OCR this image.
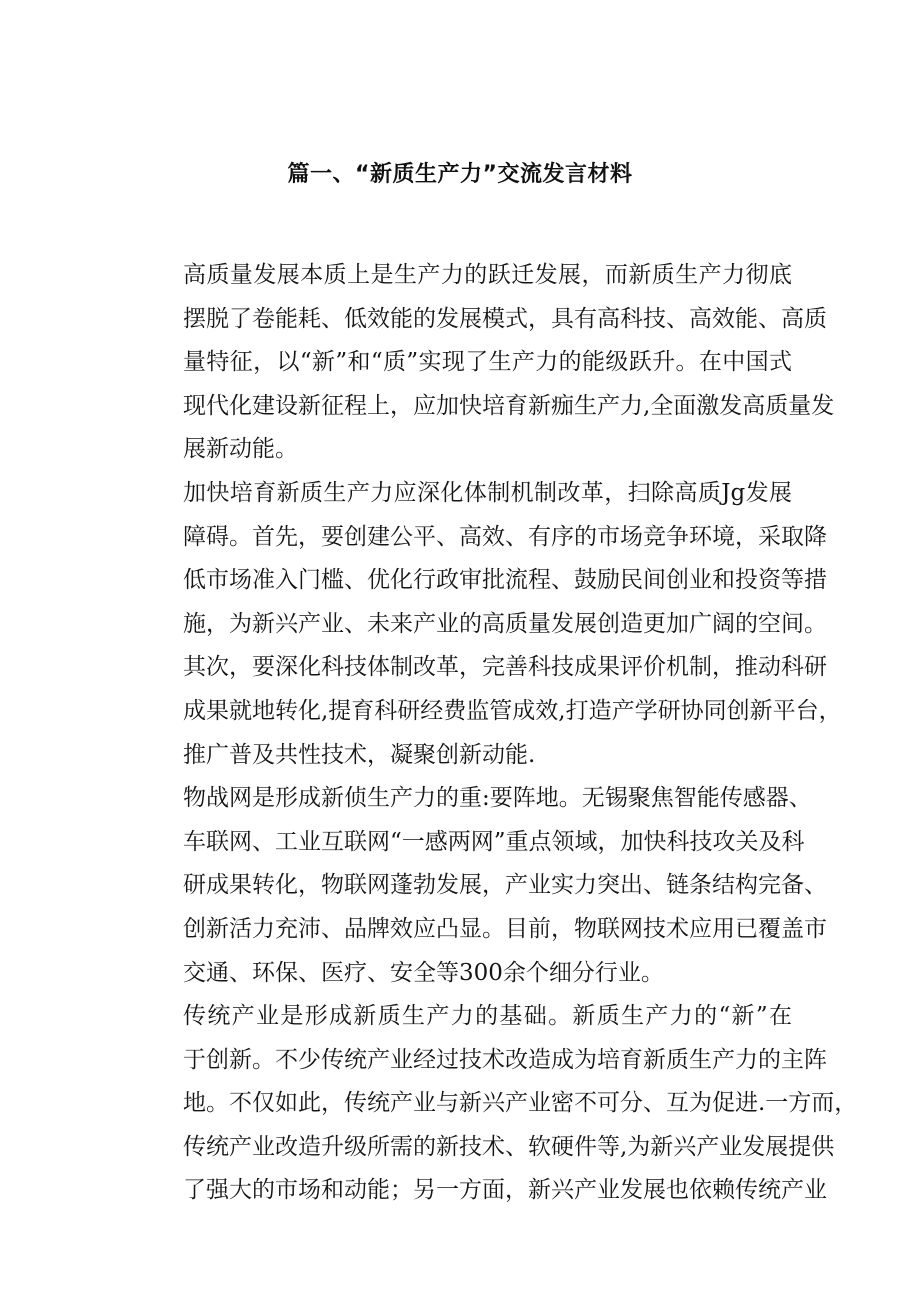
篇一、“新质生产力”交流发言材料

高质量发展本质上是生产力的跃迁发展，而新质生产力彻底
摆脱了卷能耗、低效能的发展模式，具有高科技、高效能、高质
量特征，以“新”和“质”实现了生产力的能级跃升。在中国式
现代化建设新征程上，应加快培育新痂生产力,全面激发高质量发
展新动能。

加快培育新质生产力应深化体制机制改革，扫除高质Jg发展
障碍。首先，要创建公平、高效、有序的市场竞争环境，采取降
低市场准入门槛、优化行政审批流程、鼓励民间创业和投资等措
施，为新兴产业、未来产业的高质量发展创造更加广阔的空间。
其次，要深化科技体制改革，完善科技成果评价机制，推动科研
成果就地转化,提育科研经费监管成效,打造产学研协同创新平台，
推广普及共性技术，凝聚创新动能.

物战网是形成新侦生产力的重:要阵地。无锡聚焦智能传感器、
车联网、工业互联网“一感两网”重点领域，加快科技攻关及科
研成果转化，物联网蓬勃发展，产业实力突出、链条结构完备、
创新活力充沛、品牌效应凸显。目前，物联网技术应用已覆盖市
交通、环保、医疗、安全等300余个细分行业。

传统产业是形成新质生产力的基础。新质生产力的“新”在
于创新。不少传统产业经过技术改造成为培育新质生产力的主阵
地。不仅如此，传统产业与新兴产业密不可分、互为促进.一方而，
传统产业改造升级所需的新技术、软硬件等,为新兴产业发展提供
了强大的市场和动能；另一方面，新兴产业发展也依赖传统产业
